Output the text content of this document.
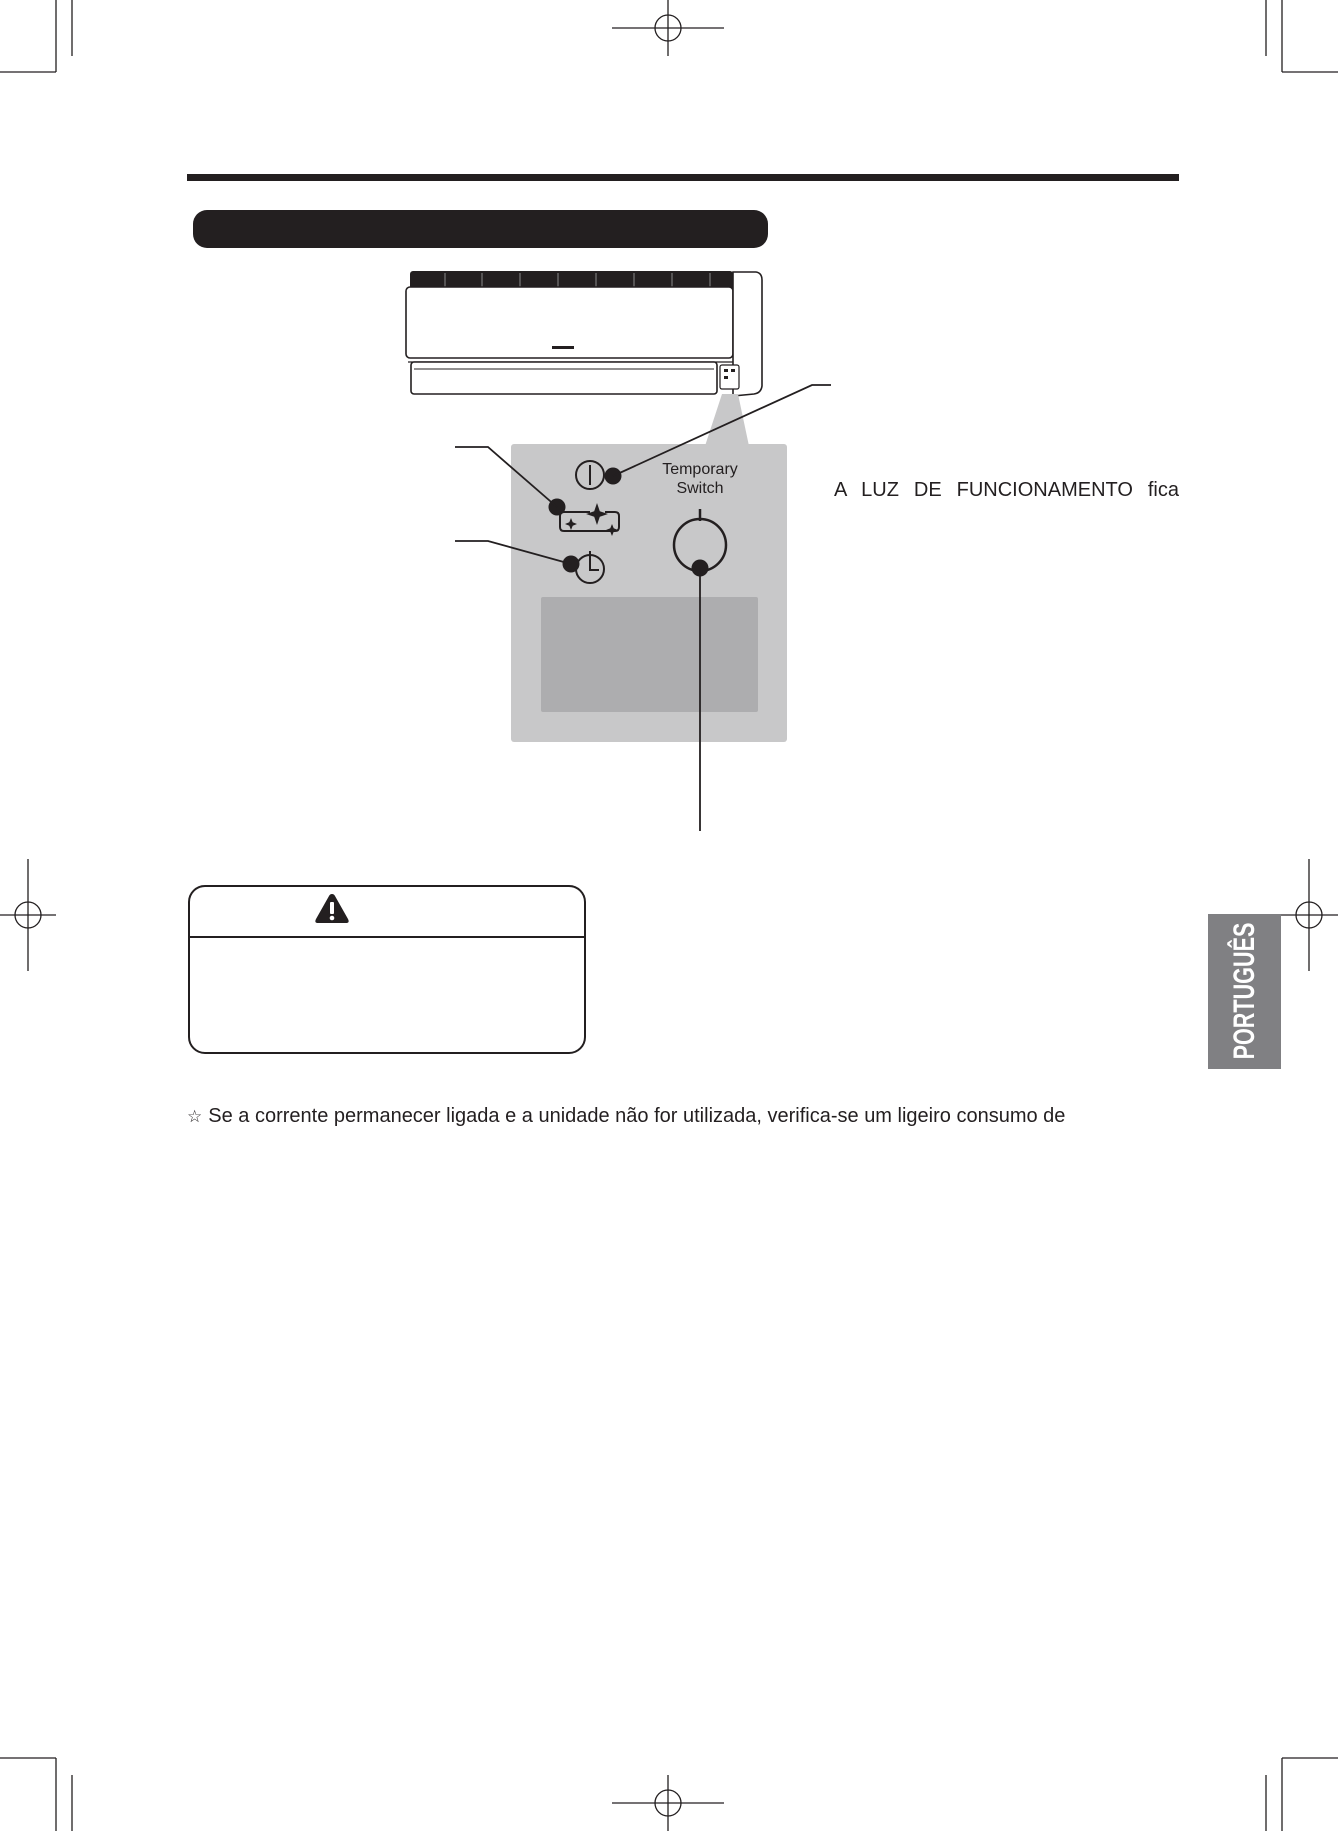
Temporary
Switch	A LUZ DE FUNCIONAMENTO fica
☆ Se a corrente permanecer ligada e a unidade não for utilizada, verifica-se um ligeiro consumo de
PORTUGUÊS
